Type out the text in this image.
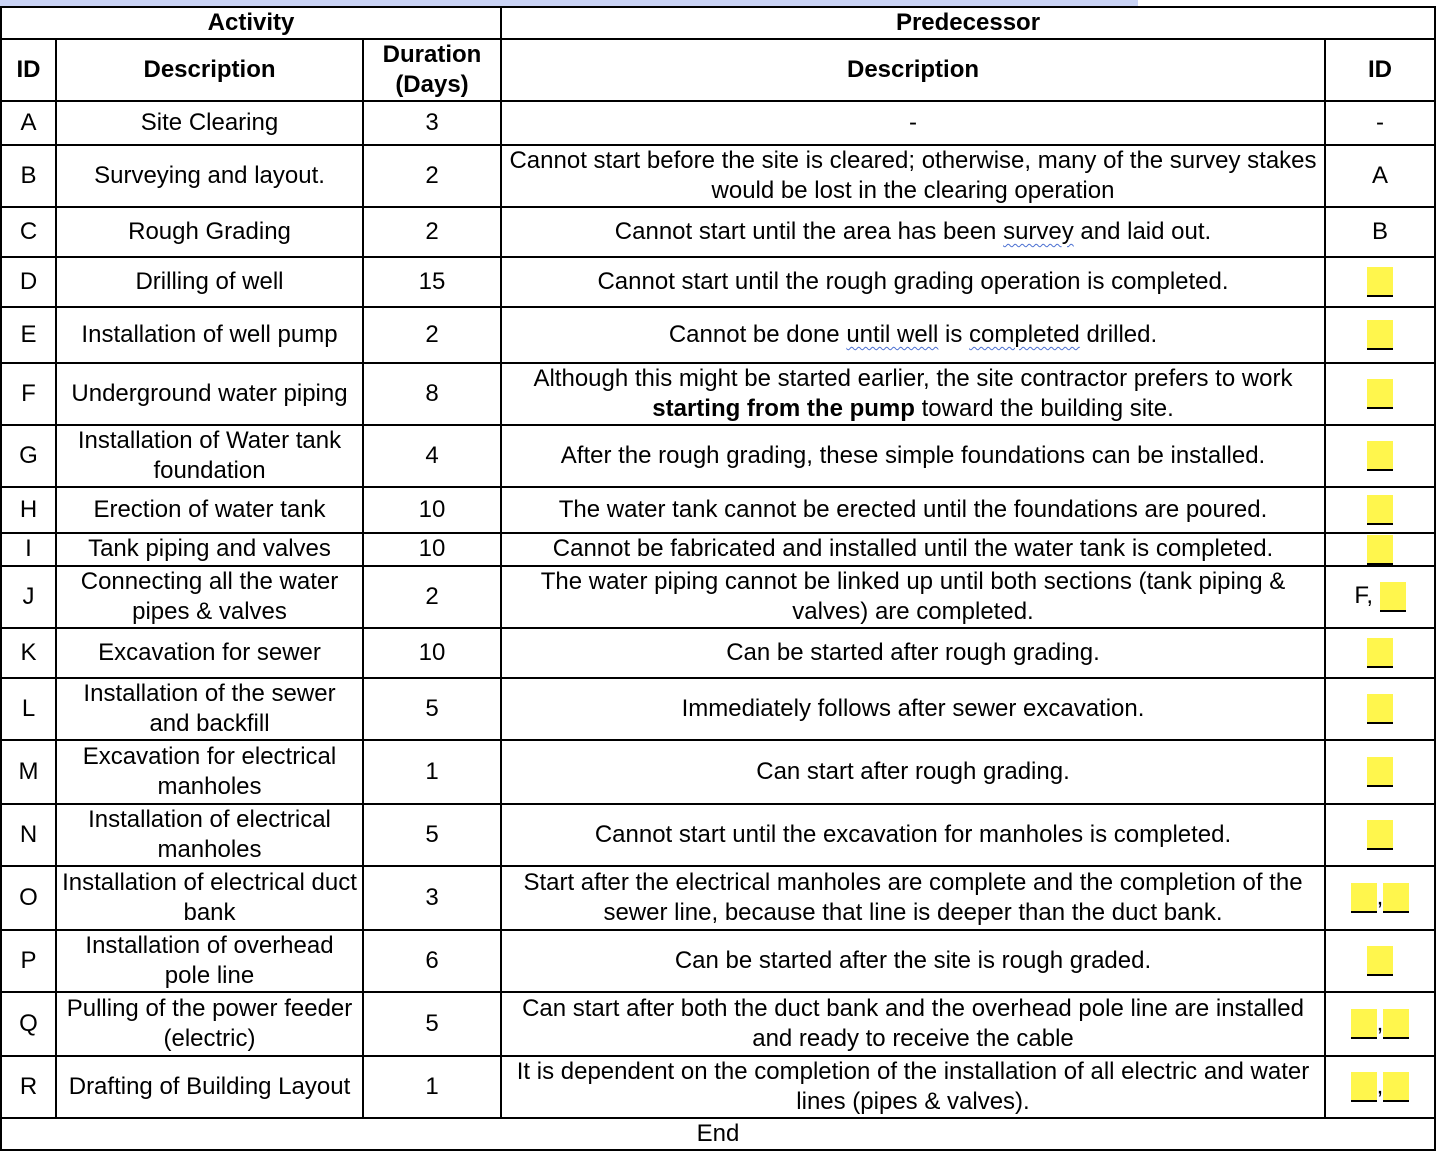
Activity			Predecessor	
ID	Description	Duration (Days)	Description	ID
A	Site Clearing	3	-	-
B	Surveying and layout.	2	Cannot start before the site is cleared; otherwise, many of the survey stakes would be lost in the clearing operation	A
C	Rough Grading	2	Cannot start until the area has been survey and laid out.	B
D	Drilling of well	15	Cannot start until the rough grading operation is completed.	
E	Installation of well pump	2	Cannot be done until well is completed drilled.	
F	Underground water piping	8	Although this might be started earlier, the site contractor prefers to work starting from the pump toward the building site.	
G	Installation of Water tank foundation	4	After the rough grading, these simple foundations can be installed.	
H	Erection of water tank	10	The water tank cannot be erected until the foundations are poured.	
I	Tank piping and valves	10	Cannot be fabricated and installed until the water tank is completed.	
J	Connecting all the water pipes & valves	2	The water piping cannot be linked up until both sections (tank piping & valves) are completed.	F,
K	Excavation for sewer	10	Can be started after rough grading.	
L	Installation of the sewer and backfill	5	Immediately follows after sewer excavation.	
M	Excavation for electrical manholes	1	Can start after rough grading.	
N	Installation of electrical manholes	5	Cannot start until the excavation for manholes is completed.	
O	Installation of electrical duct bank	3	Start after the electrical manholes are complete and the completion of the sewer line, because that line is deeper than the duct bank.	,
P	Installation of overhead pole line	6	Can be started after the site is rough graded.	
Q	Pulling of the power feeder (electric)	5	Can start after both the duct bank and the overhead pole line are installed and ready to receive the cable	,
R	Drafting of Building Layout	1	It is dependent on the completion of the installation of all electric and water lines (pipes & valves).	,
End				
